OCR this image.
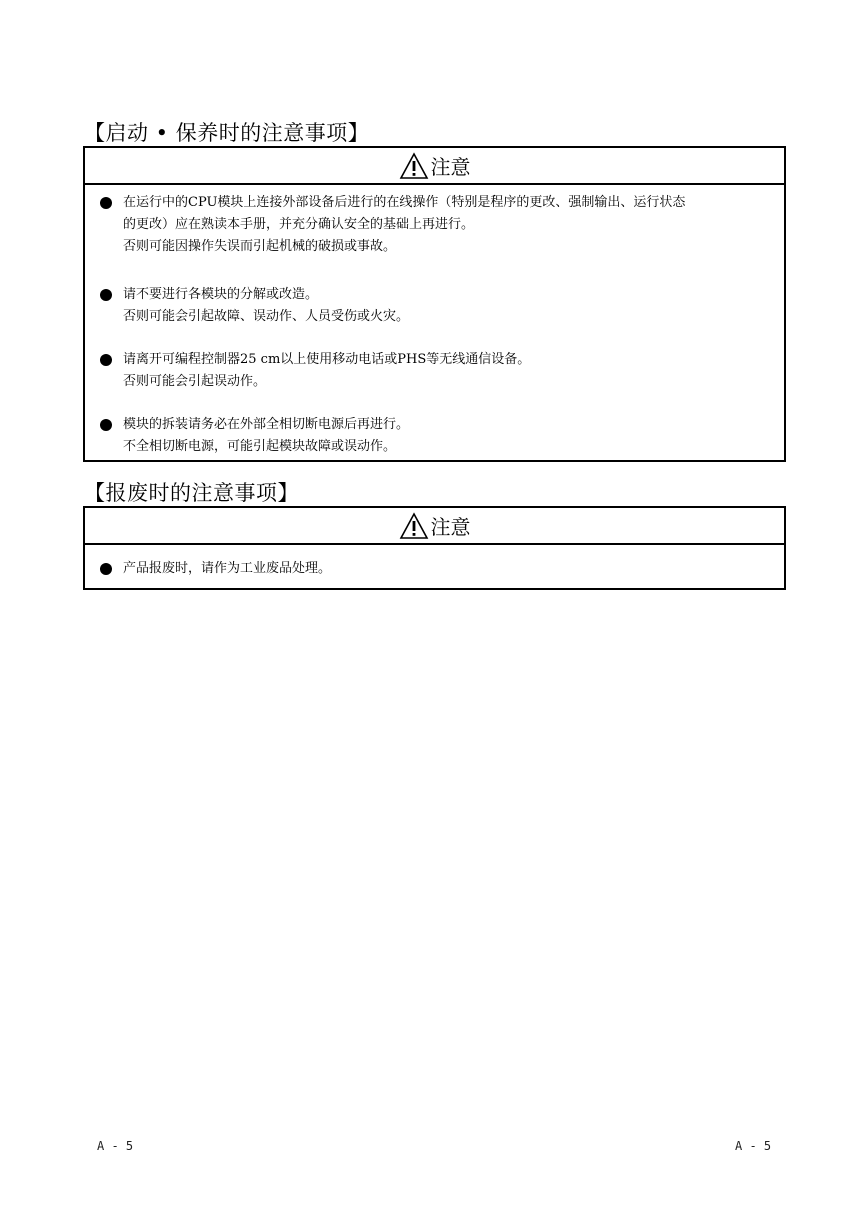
【启动 • 保养时的注意事项】
注意

在运行中的CPU模块上连接外部设备后进行的在线操作（特别是程序的更改、强制输出、运行状态

的更改）应在熟读本手册，并充分确认安全的基础上再进行。

否则可能因操作失误而引起机械的破损或事故。

请不要进行各模块的分解或改造。

否则可能会引起故障、误动作、人员受伤或火灾。

请离开可编程控制器25 cm以上使用移动电话或PHS等无线通信设备。

否则可能会引起误动作。

模块的拆装请务必在外部全相切断电源后再进行。

不全相切断电源，可能引起模块故障或误动作。

【报废时的注意事项】
注意

产品报废时，请作为工业废品处理。

A - 5	A - 5
